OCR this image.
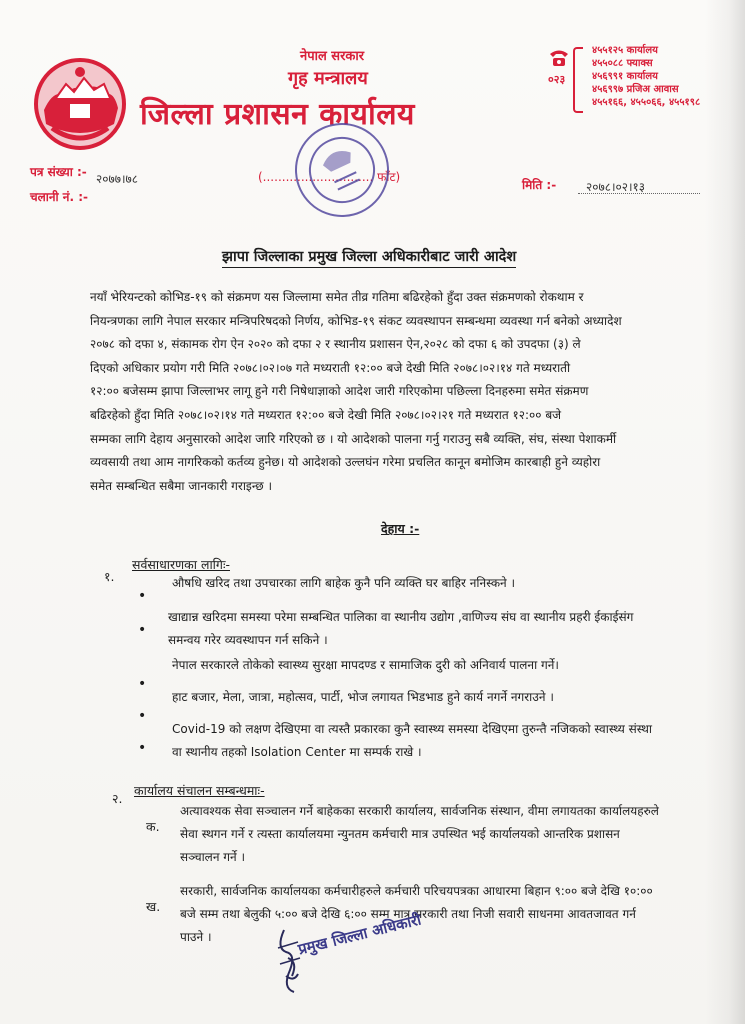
नेपाल सरकार
गृह मन्त्रालय
जिल्ला प्रशासन कार्यालय
०२३
४५५१२५ कार्यालय
४५५०८८ फ्याक्स
४५६९९१ कार्यालय
४५६९९७ प्रजिअ आवास
४५५१६६, ४५५०६६, ४५५१९८
पत्र संख्या :- २०७७।७८
चलानी नं. :-
(............................. फाँट)
मिति :- २०७८।०२।१३
झापा जिल्लाका प्रमुख जिल्ला अधिकारीबाट जारी आदेश
नयाँ भेरियन्टको कोभिड-१९ को संक्रमण यस जिल्लामा समेत तीव्र गतिमा बढिरहेको हुँदा उक्त संक्रमणको रोकथाम र
नियन्त्रणका लागि नेपाल सरकार मन्त्रिपरिषदको निर्णय, कोभिड-१९ संकट व्यवस्थापन सम्बन्धमा व्यवस्था गर्न बनेको अध्यादेश
२०७८ को दफा ४, संकामक रोग ऐन २०२० को दफा २ र स्थानीय प्रशासन ऐन,२०२८ को दफा ६ को उपदफा (३) ले
दिएको अधिकार प्रयोग गरी मिति २०७८।०२।०७ गते मध्यराती १२:०० बजे देखी मिति २०७८।०२।१४ गते मध्यराती
१२:०० बजेसम्म झापा जिल्लाभर लागू हुने गरी निषेधाज्ञाको आदेश जारी गरिएकोमा पछिल्ला दिनहरुमा समेत संक्रमण
बढिरहेको हुँदा मिति २०७८।०२।१४ गते मध्यरात १२:०० बजे देखी मिति २०७८।०२।२१ गते मध्यरात १२:०० बजे
सम्मका लागि देहाय अनुसारको आदेश जारि गरिएको छ । यो आदेशको पालना गर्नु गराउनु सबै व्यक्ति, संघ, संस्था पेशाकर्मी
व्यवसायी तथा आम नागरिकको कर्तव्य हुनेछ। यो आदेशको उल्लघंन गरेमा प्रचलित कानून बमोजिम कारबाही हुने व्यहोरा
समेत सम्बन्धित सबैमा जानकारी गराइन्छ ।
देहाय :-
१.
सर्वसाधारणका लागिः-
•
औषधि खरिद तथा उपचारका लागि बाहेक कुनै पनि व्यक्ति घर बाहिर ननिस्कने ।
•
खाद्यान्न खरिदमा समस्या परेमा सम्बन्धित पालिका वा स्थानीय उद्योग ,वाणिज्य संघ वा स्थानीय प्रहरी ईकाईसंग
समन्वय गरेर व्यवस्थापन गर्न सकिने ।
•
नेपाल सरकारले तोकेको स्वास्थ्य सुरक्षा मापदण्ड र सामाजिक दुरी को अनिवार्य पालना गर्ने।
•
हाट बजार, मेला, जात्रा, महोत्सव, पार्टी, भोज लगायत भिडभाड हुने कार्य नगर्ने नगराउने ।
•
Covid-19 को लक्षण देखिएमा वा त्यस्तै प्रकारका कुनै स्वास्थ्य समस्या देखिएमा तुरुन्तै नजिकको स्वास्थ्य संस्था
वा स्थानीय तहको Isolation Center मा सम्पर्क राखे ।
२.
कार्यालय संचालन सम्बन्धमाः-
क.
अत्यावश्यक सेवा सञ्चालन गर्ने बाहेकका सरकारी कार्यालय, सार्वजनिक संस्थान, वीमा लगायतका कार्यालयहरुले
सेवा स्थगन गर्ने र त्यस्ता कार्यालयमा न्युनतम कर्मचारी मात्र उपस्थित भई कार्यालयको आन्तरिक प्रशासन
सञ्चालन गर्ने ।
ख.
सरकारी, सार्वजनिक कार्यालयका कर्मचारीहरुले कर्मचारी परिचयपत्रका आधारमा बिहान ९:०० बजे देखि १०:००
बजे सम्म तथा बेलुकी ५:०० बजे देखि ६:०० सम्म मात्र सरकारी तथा निजी सवारी साधनमा आवतजावत गर्न
पाउने ।	प्रमुख जिल्ला अधिकारी
